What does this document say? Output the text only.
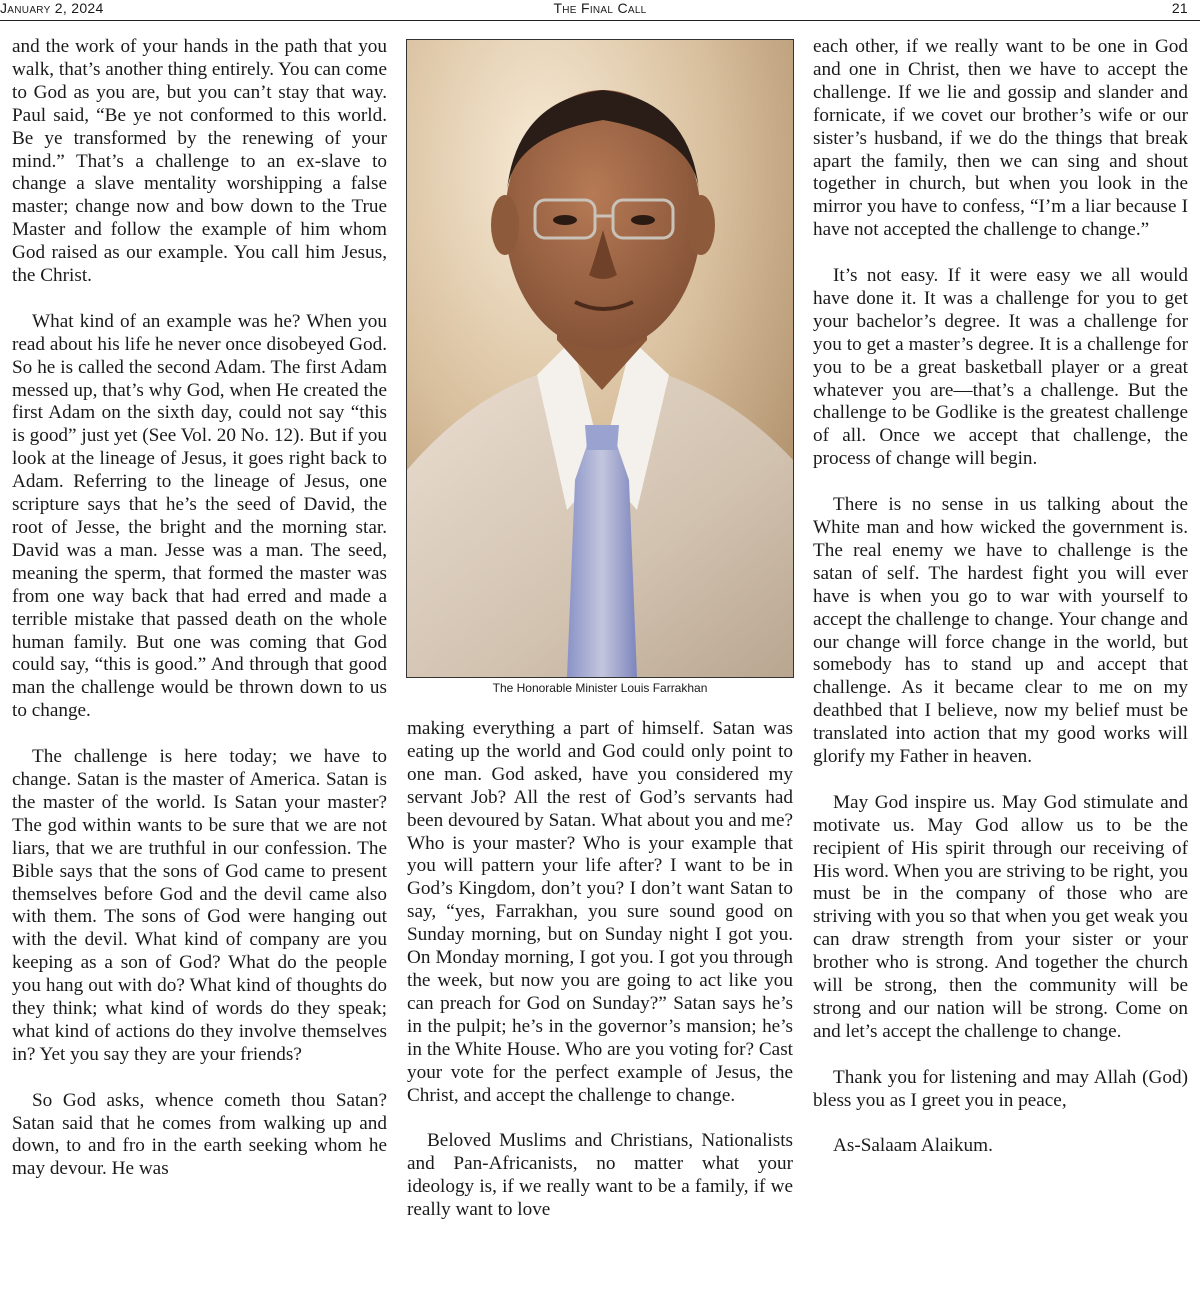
January 2, 2024	The Final Call	21

and the work of your hands in the path that you walk, that’s another thing entirely. You can come to God as you are, but you can’t stay that way. Paul said, “Be ye not conformed to this world. Be ye transformed by the renewing of your mind.” That’s a challenge to an ex-slave to change a slave mentality worshipping a false master; change now and bow down to the True Master and follow the example of him whom God raised as our example. You call him Jesus, the Christ.

What kind of an example was he? When you read about his life he never once disobeyed God. So he is called the second Adam. The first Adam messed up, that’s why God, when He created the first Adam on the sixth day, could not say “this is good” just yet (See Vol. 20 No. 12). But if you look at the lineage of Jesus, it goes right back to Adam. Referring to the lineage of Jesus, one scripture says that he’s the seed of David, the root of Jesse, the bright and the morning star. David was a man. Jesse was a man. The seed, meaning the sperm, that formed the master was from one way back that had erred and made a terrible mistake that passed death on the whole human family. But one was coming that God could say, “this is good.” And through that good man the challenge would be thrown down to us to change.

The challenge is here today; we have to change. Satan is the master of America. Satan is the master of the world. Is Satan your master? The god within wants to be sure that we are not liars, that we are truthful in our confession. The Bible says that the sons of God came to present themselves before God and the devil came also with them. The sons of God were hanging out with the devil. What kind of company are you keeping as a son of God? What do the people you hang out with do? What kind of thoughts do they think; what kind of words do they speak; what kind of actions do they involve themselves in? Yet you say they are your friends?

So God asks, whence cometh thou Satan? Satan said that he comes from walking up and down, to and fro in the earth seeking whom he may devour. He was

The Honorable Minister Louis Farrakhan

making everything a part of himself. Satan was eating up the world and God could only point to one man. God asked, have you considered my servant Job? All the rest of God’s servants had been devoured by Satan. What about you and me? Who is your master? Who is your example that you will pattern your life after? I want to be in God’s Kingdom, don’t you? I don’t want Satan to say, “yes, Farrakhan, you sure sound good on Sunday morning, but on Sunday night I got you. On Monday morning, I got you. I got you through the week, but now you are going to act like you can preach for God on Sunday?” Satan says he’s in the pulpit; he’s in the governor’s mansion; he’s in the White House. Who are you voting for? Cast your vote for the perfect example of Jesus, the Christ, and accept the challenge to change.

Beloved Muslims and Christians, Nationalists and Pan-Africanists, no matter what your ideology is, if we really want to be a family, if we really want to love

each other, if we really want to be one in God and one in Christ, then we have to accept the challenge. If we lie and gossip and slander and fornicate, if we covet our brother’s wife or our sister’s husband, if we do the things that break apart the family, then we can sing and shout together in church, but when you look in the mirror you have to confess, “I’m a liar because I have not accepted the challenge to change.”

It’s not easy. If it were easy we all would have done it. It was a challenge for you to get your bachelor’s degree. It was a challenge for you to get a master’s degree. It is a challenge for you to be a great basketball player or a great whatever you are—that’s a challenge. But the challenge to be Godlike is the greatest challenge of all. Once we accept that challenge, the process of change will begin.

There is no sense in us talking about the White man and how wicked the government is. The real enemy we have to challenge is the satan of self. The hardest fight you will ever have is when you go to war with yourself to accept the challenge to change. Your change and our change will force change in the world, but somebody has to stand up and accept that challenge. As it became clear to me on my deathbed that I believe, now my belief must be translated into action that my good works will glorify my Father in heaven.

May God inspire us. May God stimulate and motivate us. May God allow us to be the recipient of His spirit through our receiving of His word. When you are striving to be right, you must be in the company of those who are striving with you so that when you get weak you can draw strength from your sister or your brother who is strong. And together the church will be strong, then the community will be strong and our nation will be strong. Come on and let’s accept the challenge to change.

Thank you for listening and may Allah (God) bless you as I greet you in peace,

As-Salaam Alaikum.
